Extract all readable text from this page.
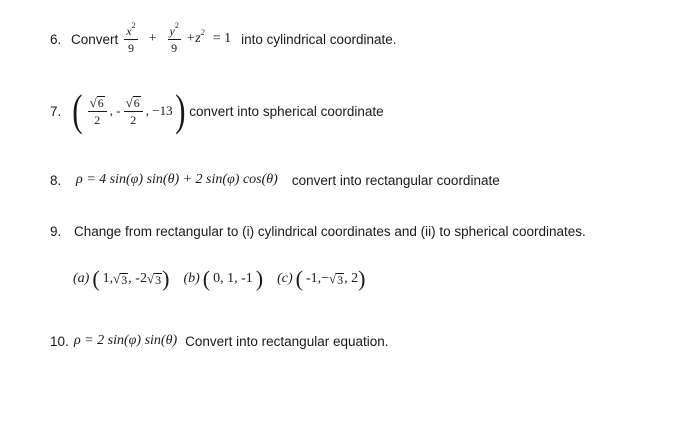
6. Convert $\frac{x^2}{9} + \frac{y^2}{9} +z^2 = 1$ into cylindrical coordinate.
7. ( $\frac{√ 6}{2}$ , - $\frac{√ 6}{2}$ , −13 ) convert into spherical coordinate
8. ρ = 4 sin(φ) sin(θ) + 2 sin(φ) cos(θ) convert into rectangular coordinate
9. Change from rectangular to (i) cylindrical coordinates and (ii) to spherical coordinates.
(a) ( 1, √ 3 , -2 √ 3 ) (b) ( 0, 1, -1 ) (c) ( -1,− √ 3 , 2 )
10. ρ = 2 sin(φ) sin(θ) Convert into rectangular equation.
